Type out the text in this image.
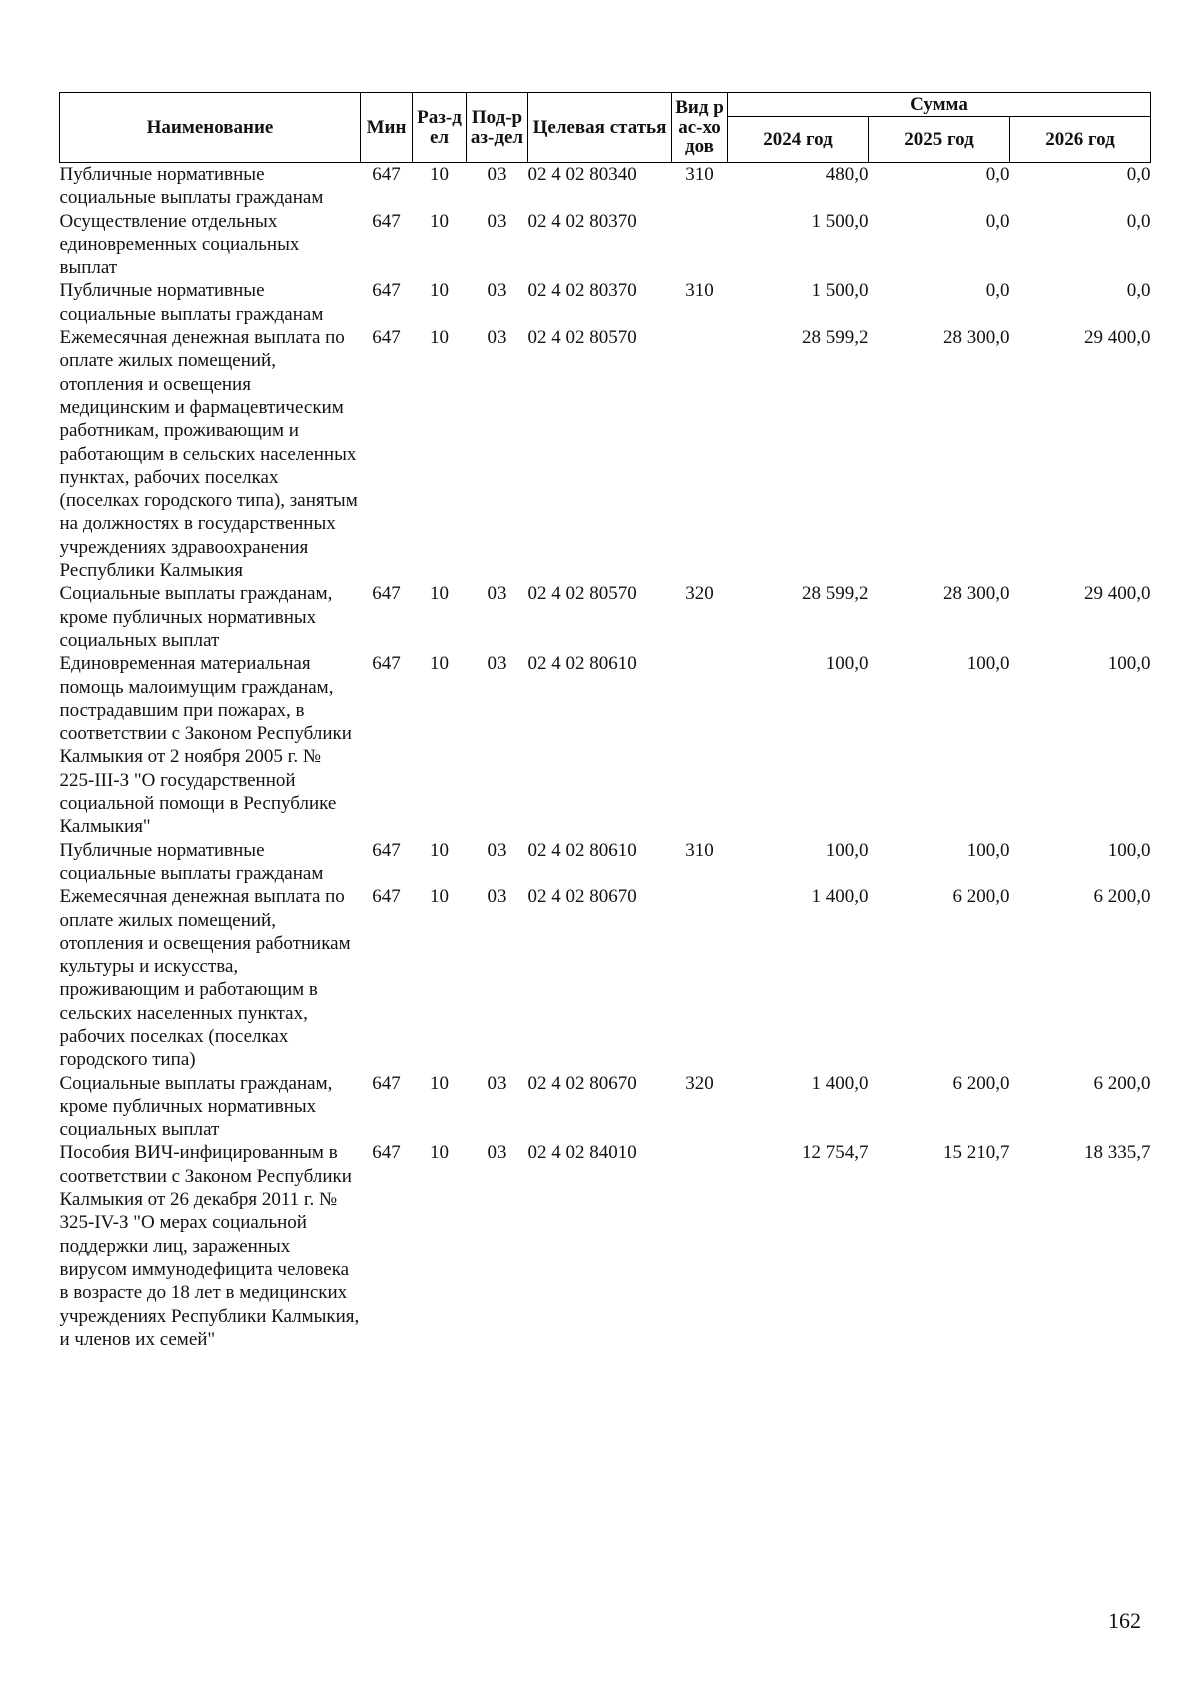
Наименование	Мин	Раз-дел	Под-раз-дел	Целевая статья	Вид рас-ходов	Сумма		
						2024 год	2025 год	2026 год
Публичные нормативные социальные выплаты гражданам	647	10	03	02 4 02 80340	310	480,0	0,0	0,0
Осуществление отдельных единовременных социальных выплат	647	10	03	02 4 02 80370		1 500,0	0,0	0,0
Публичные нормативные социальные выплаты гражданам	647	10	03	02 4 02 80370	310	1 500,0	0,0	0,0
Ежемесячная денежная выплата по оплате жилых помещений, отопления и освещения медицинским и фармацевтическим работникам, проживающим и работающим в сельских населенных пунктах, рабочих поселках (поселках городского типа), занятым на должностях в государственных учреждениях здравоохранения Республики Калмыкия	647	10	03	02 4 02 80570		28 599,2	28 300,0	29 400,0
Социальные выплаты гражданам, кроме публичных нормативных социальных выплат	647	10	03	02 4 02 80570	320	28 599,2	28 300,0	29 400,0
Единовременная материальная помощь малоимущим гражданам, пострадавшим при пожарах, в соответствии с Законом Республики Калмыкия от 2 ноября 2005 г. № 225-III-З "О государственной социальной помощи в Республике Калмыкия"	647	10	03	02 4 02 80610		100,0	100,0	100,0
Публичные нормативные социальные выплаты гражданам	647	10	03	02 4 02 80610	310	100,0	100,0	100,0
Ежемесячная денежная выплата по оплате жилых помещений, отопления и освещения работникам культуры и искусства, проживающим и работающим в сельских населенных пунктах, рабочих поселках (поселках городского типа)	647	10	03	02 4 02 80670		1 400,0	6 200,0	6 200,0
Социальные выплаты гражданам, кроме публичных нормативных социальных выплат	647	10	03	02 4 02 80670	320	1 400,0	6 200,0	6 200,0
Пособия ВИЧ-инфицированным в соответствии с Законом Республики Калмыкия от 26 декабря 2011 г. № 325-IV-З "О мерах социальной поддержки лиц, зараженных вирусом иммунодефицита человека в возрасте до 18 лет в медицинских учреждениях Республики Калмыкия, и членов их семей"	647	10	03	02 4 02 84010		12 754,7	15 210,7	18 335,7
162
